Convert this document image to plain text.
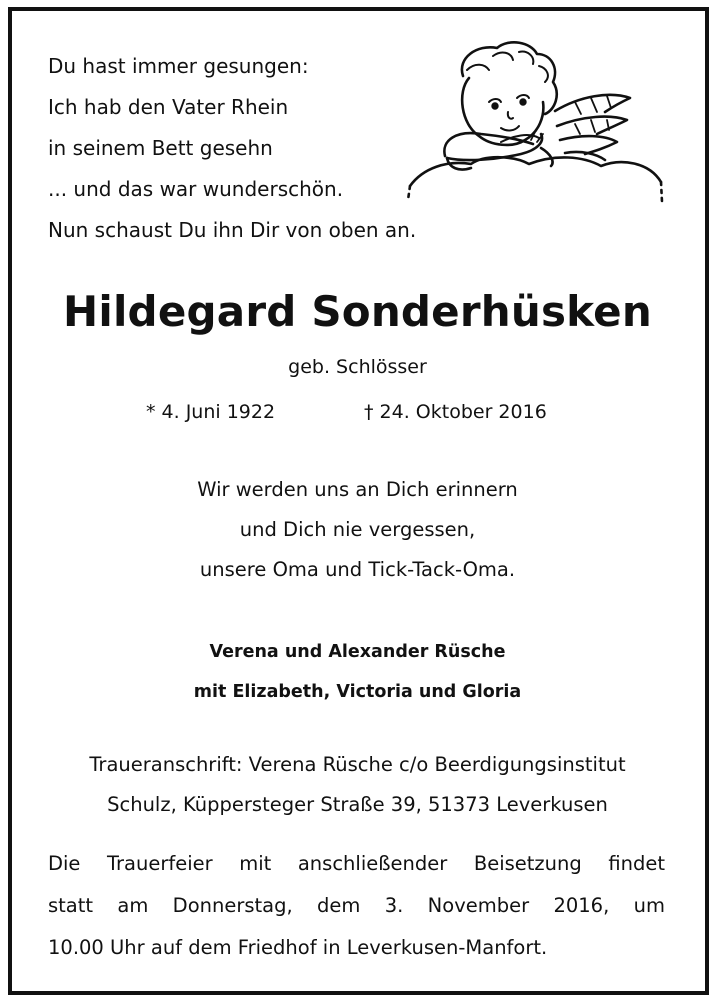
Du hast immer gesungen:
Ich hab den Vater Rhein
in seinem Bett gesehn
... und das war wunderschön.
Nun schaust Du ihn Dir von oben an.
Hildegard Sonderhüsken
geb. Schlösser
* 4. Juni 1922	† 24. Oktober 2016
Wir werden uns an Dich erinnern
und Dich nie vergessen,
unsere Oma und Tick-Tack-Oma.
Verena und Alexander Rüsche
mit Elizabeth, Victoria und Gloria
Traueranschrift: Verena Rüsche c/o Beerdigungsinstitut
Schulz, Küppersteger Straße 39, 51373 Leverkusen
Die Trauerfeier mit anschließender Beisetzung findet
statt am Donnerstag, dem 3. November 2016, um
10.00 Uhr auf dem Friedhof in Leverkusen-Manfort.
